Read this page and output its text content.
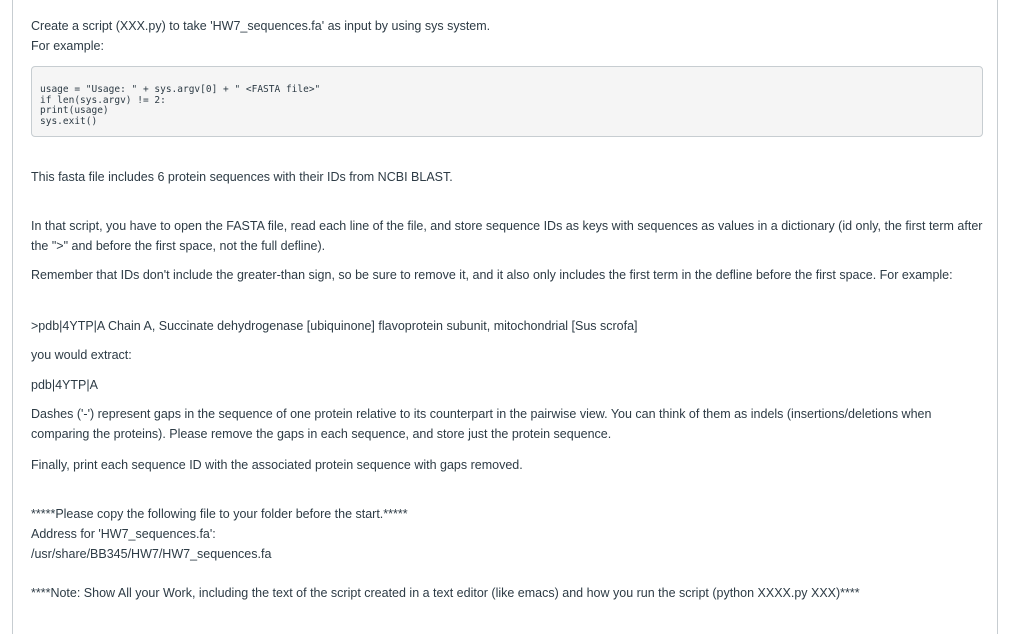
Create a script (XXX.py) to take 'HW7_sequences.fa' as input by using sys system.
For example:
usage = "Usage: " + sys.argv[0] + " <FASTA file>"
if len(sys.argv) != 2:
print(usage)
sys.exit()
This fasta file includes 6 protein sequences with their IDs from NCBI BLAST.
In that script, you have to open the FASTA file, read each line of the file, and store sequence IDs as keys with sequences as values in a dictionary (id only, the first term after the ">" and before the first space, not the full defline).
Remember that IDs don't include the greater-than sign, so be sure to remove it, and it also only includes the first term in the defline before the first space. For example:
>pdb|4YTP|A Chain A, Succinate dehydrogenase [ubiquinone] flavoprotein subunit, mitochondrial [Sus scrofa]
you would extract:
pdb|4YTP|A
Dashes ('-') represent gaps in the sequence of one protein relative to its counterpart in the pairwise view. You can think of them as indels (insertions/deletions when comparing the proteins). Please remove the gaps in each sequence, and store just the protein sequence.
Finally, print each sequence ID with the associated protein sequence with gaps removed.
*****Please copy the following file to your folder before the start.*****
Address for 'HW7_sequences.fa':
/usr/share/BB345/HW7/HW7_sequences.fa
****Note: Show All your Work, including the text of the script created in a text editor (like emacs) and how you run the script (python XXXX.py XXX)****
